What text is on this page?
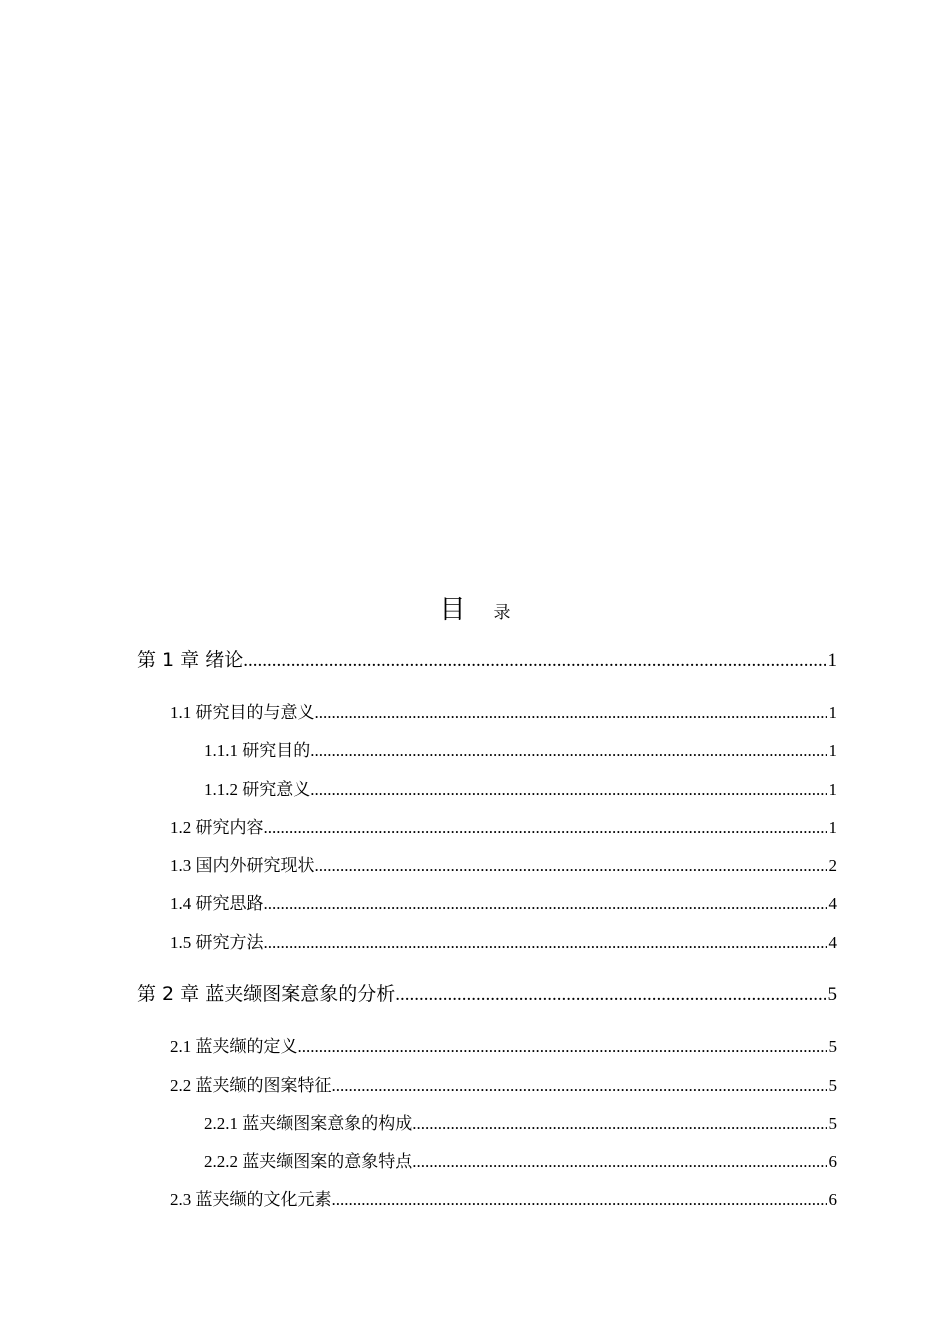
目 录
第 1 章 绪论 .....	1
1.1 研究目的与意义 .....	1
1.1.1 研究目的 .....	1
1.1.2 研究意义 .....	1
1.2 研究内容 .....	1
1.3 国内外研究现状 .....	2
1.4 研究思路 .....	4
1.5 研究方法 .....	4
第 2 章 蓝夹缬图案意象的分析 .....	5
2.1 蓝夹缬的定义 .....	5
2.2 蓝夹缬的图案特征 .....	5
2.2.1 蓝夹缬图案意象的构成 .....	5
2.2.2 蓝夹缬图案的意象特点 .....	6
2.3 蓝夹缬的文化元素 .....	6
